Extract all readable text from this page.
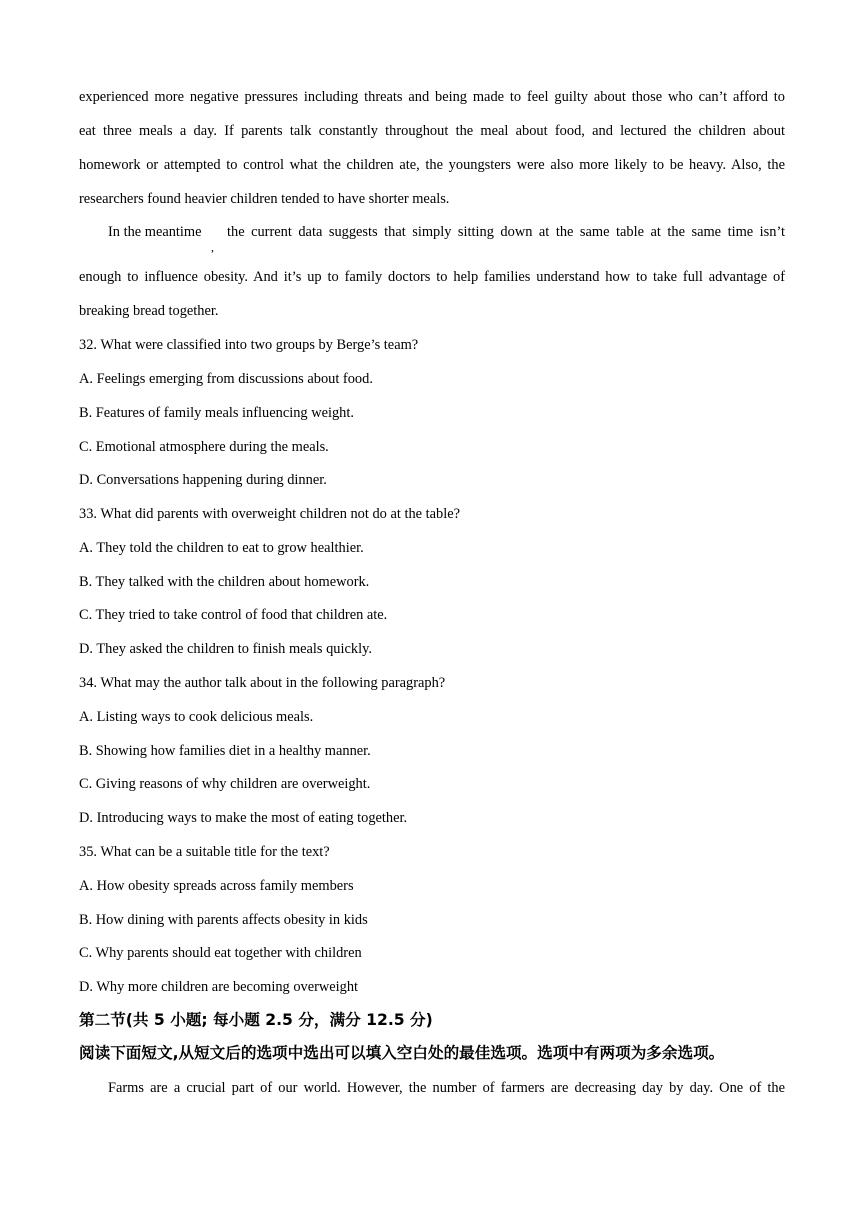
experienced more negative pressures including threats and being made to feel guilty about those who can’t afford to
eat three meals a day. If parents talk constantly throughout the meal about food, and lectured the children about
homework or attempted to control what the children ate, the youngsters were also more likely to be heavy. Also, the
researchers found heavier children tended to have shorter meals.
In the meantime
,
the current data suggests that simply sitting down at the same table at the same time isn’t
enough to influence obesity. And it’s up to family doctors to help families understand how to take full advantage of
breaking bread together.
32. What were classified into two groups by Berge’s team?
A. Feelings emerging from discussions about food.
B. Features of family meals influencing weight.
C. Emotional atmosphere during the meals.
D. Conversations happening during dinner.
33. What did parents with overweight children not do at the table?
A. They told the children to eat to grow healthier.
B. They talked with the children about homework.
C. They tried to take control of food that children ate.
D. They asked the children to finish meals quickly.
34. What may the author talk about in the following paragraph?
A. Listing ways to cook delicious meals.
B. Showing how families diet in a healthy manner.
C. Giving reasons of why children are overweight.
D. Introducing ways to make the most of eating together.
35. What can be a suitable title for the text?
A. How obesity spreads across family members
B. How dining with parents affects obesity in kids
C. Why parents should eat together with children
D. Why more children are becoming overweight
第二节(共 5 小题; 每小题 2.5 分，满分 12.5 分)
阅读下面短文,从短文后的选项中选出可以填入空白处的最佳选项。选项中有两项为多余选项。
Farms are a crucial part of our world. However, the number of farmers are decreasing day by day. One of the
